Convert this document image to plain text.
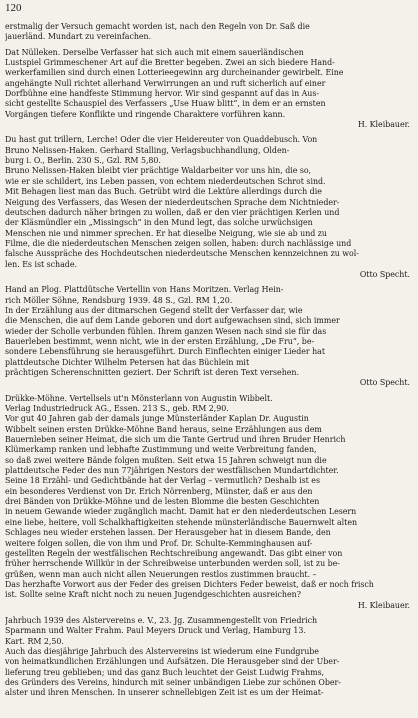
120
erstmalig der Versuch gemacht worden ist, nach den Regeln von Dr. Saß die
jauerländ. Mundart zu vereinfachen.
Dat Nülleken. Derselbe Verfasser hat sich auch mit einem sauerländischen
Lustspiel Grimmeschener Art auf die Bretter begeben. Zwei an sich biedere Hand-
werkerfamilien sind durch einen Lotterieegewinn arg durcheinander gewirbelt. Eine
angehängte Null richtet allerhand Verwirrungen an und ruft sicherlich auf einer
Dorfbühne eine handfeste Stimmung hervor. Wir sind gespannt auf das in Aus-
sicht gestellte Schauspiel des Verfassers „Use Huaw blitt“, in dem er an ernsten
Vorgängen tiefere Konflikte und ringende Charaktere vorführen kann.
H. Kleibauer.
Du hast gut trillern, Lerche! Oder die vier Heidereuter von Quaddebusch. Von
Bruno Nelissen-Haken. Gerhard Stalling, Verlagsbuchhandlung, Olden-
burg i. O., Berlin. 230 S., Gzl. RM 5,80.
Bruno Nelissen-Haken bleibt vier prächtige Waldarbeiter vor uns hin, die so,
wie er sie schildert, ins Leben passen, von echtem niederdeutschen Schrot sind.
Mit Behagen liest man das Buch. Getrübt wird die Lektüre allerdings durch die
Neigung des Verfassers, das Wesen der niederdeutschen Sprache dem Nichtnieder-
deutschen dadurch näher bringen zu wollen, daß er den vier prächtigen Kerlen und
der Kläsmündler ein „Missingsch“ in den Mund legt, das solche urwüchsigen
Menschen nie und nimmer sprechen. Er hat dieselbe Neigung, wie sie ab und zu
Filme, die die niederdeutschen Menschen zeigen sollen, haben: durch nachlässige und
falsche Ausspräche des Hochdeutschen niederdeutsche Menschen kennzeichnen zu wol-
len. Es ist schade.
Otto Specht.
Hand an Plog. Plattdütsche Vertellin von Hans Moritzen. Verlag Hein-
rich Möller Söhne, Rendsburg 1939. 48 S., Gzl. RM 1,20.
In der Erzählung aus der ditmarschen Gegend stellt der Verfasser dar, wie
die Menschen, die auf dem Lande geboren und dort aufgewachsen sind, sich immer
wieder der Scholle verbunden fühlen. Ihrem ganzen Wesen nach sind sie für das
Bauerleben bestimmt, wenn nicht, wie in der ersten Erzählung, „De Fru“, be-
sondere Lebensführung sie herausgeführt. Durch Einflechten einiger Lieder hat
plattdeutsche Dichter Wilhelm Petersen hat das Büchlein mit
prächtigen Scherenschnitten geziert. Der Schrift ist deren Text versehen.
Otto Specht.
Drükke-Möhne. Vertellsels ut'n Mönsterlann von Augustin Wibbelt.
Verlag Industriedruck AG., Essen. 213 S., geb. RM 2,90.
Vor gut 40 Jahren gab der damals junge Münsterländer Kaplan Dr. Augustin
Wibbelt seinen ersten Drükke-Möhne Band heraus, seine Erzählungen aus dem
Bauernleben seiner Heimat, die sich um die Tante Gertrud und ihren Bruder Henrich
Klümerkamp ranken und lebhafte Zustimmung und weite Verbreitung fanden,
so daß zwei weitere Bände folgen mußten. Seit etwa 15 Jahren schweigt nun die
plattdeutsche Feder des nun 77jährigen Nestors der westfälischen Mundartdichter.
Seine 18 Erzähl- und Gedichtbände hat der Verlag – vermutlich? Deshalb ist es
ein besonderes Verdienst von Dr. Erich Nörrenberg, Münster, daß er aus den
drei Bänden von Drükke-Möhne und de lesten Blomme die besten Geschichten
in neuem Gewande wieder zugänglich macht. Damit hat er den niederdeutschen Lesern
eine liebe, heitere, voll Schalkhaftigkeiten stehende münsterländische Bauernwelt alten
Schlages neu wieder erstehen lassen. Der Herausgeber hat in diesem Bande, den
weitere folgen sollen, die von ihm und Prof. Dr. Schulte-Kemminghausen auf-
gestellten Regeln der westfälischen Rechtschreibung angewandt. Das gibt einer von
früher herrschende Willkür in der Schreibweise unterbunden werden soll, ist zu be-
grüßen, wenn man auch nicht allen Neuerungen restlos zustimmen braucht. –
Das herzhafte Vorwort aus der Feder des greisen Dichters Feder beweist, daß er noch frisch
ist. Sollte seine Kraft nicht noch zu neuen Jugendgeschichten ausreichen?
H. Kleibauer.
Jahrbuch 1939 des Alstervereins e. V., 23. Jg. Zusammengestellt von Friedrich
Sparmann und Walter Frahm. Paul Meyers Druck und Verlag, Hamburg 13.
Kart. RM 2,50.
Auch das diesjährige Jahrbuch des Alstervereins ist wiederum eine Fundgrube
von heimatkundlichen Erzählungen und Aufsätzen. Die Herausgeber sind der Über-
lieferung treu geblieben; und das ganz Buch leuchtet der Geist Ludwig Frahms,
des Gründers des Vereins, hindurch mit seiner unbändigen Liebe zur schönen Ober-
alster und ihren Menschen. In unserer schnellebigen Zeit ist es um der Heimat-
